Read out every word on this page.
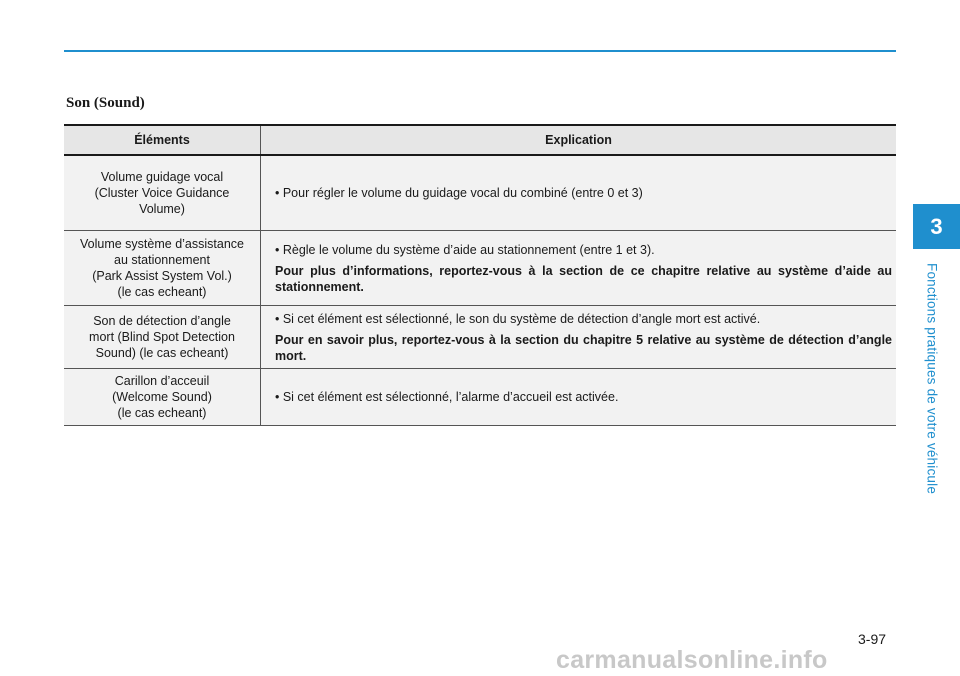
Son (Sound)
Éléments	Explication

Volume guidage vocal
(Cluster Voice Guidance
Volume)	• Pour régler le volume du guidage vocal du combiné (entre 0 et 3)

Volume système d’assistance
au stationnement
(Park Assist System Vol.)
(le cas echeant)	• Règle le volume du système d’aide au stationnement (entre 1 et 3).
Pour plus d’informations, reportez-vous à la section de ce chapitre relative au système d’aide au stationnement.

Son de détection d’angle
mort (Blind Spot Detection
Sound) (le cas echeant)	• Si cet élément est sélectionné, le son du système de détection d’angle mort est activé.
Pour en savoir plus, reportez-vous à la section du chapitre 5 relative au système de détection d’angle mort.

Carillon d’acceuil
(Welcome Sound)
(le cas echeant)	• Si cet élément est sélectionné, l’alarme d’accueil est activée.
3
Fonctions pratiques de votre véhicule
3-97
carmanualsonline.info
